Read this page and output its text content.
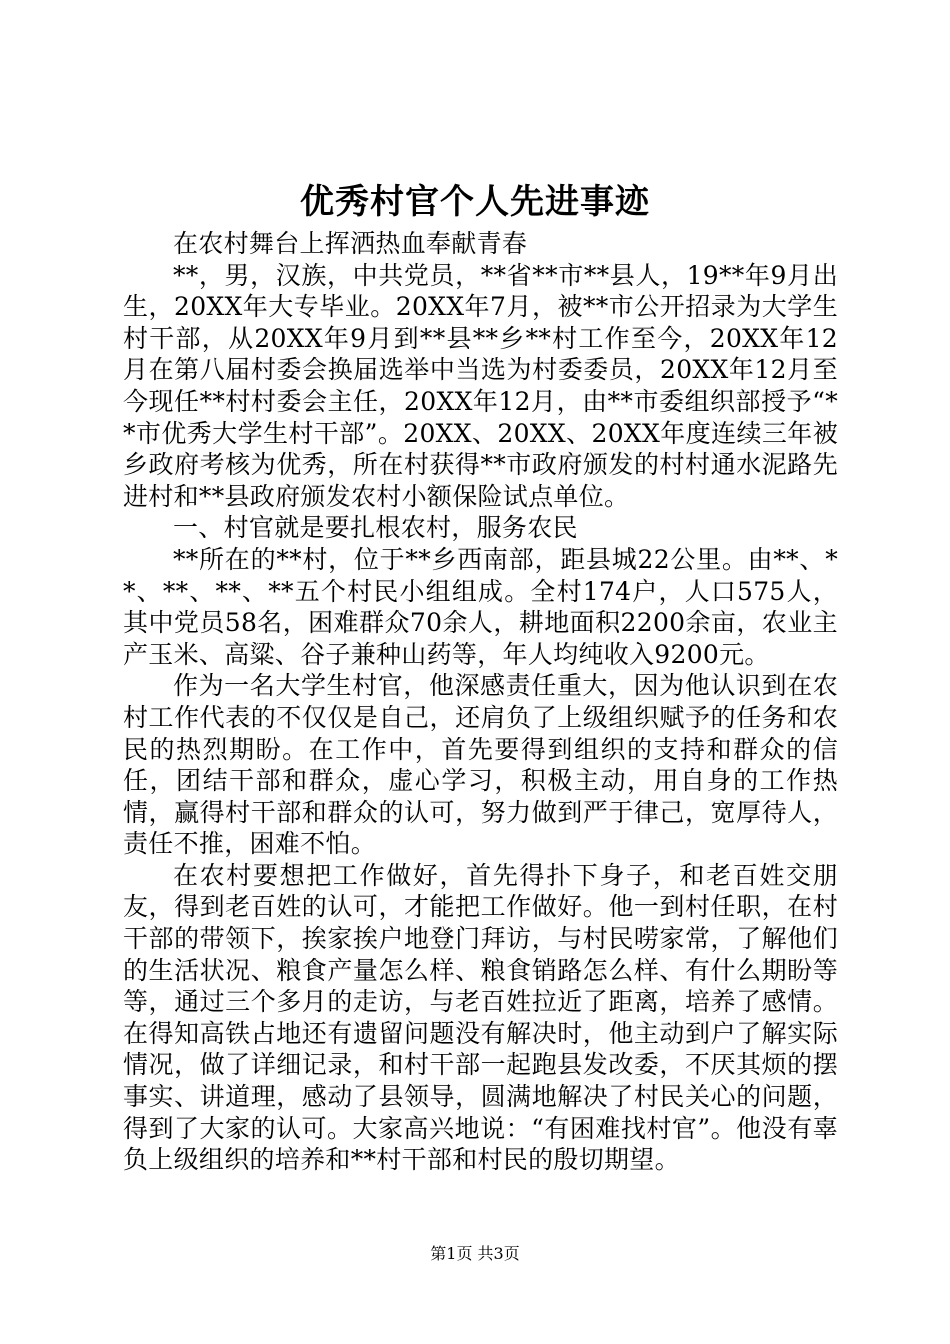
优秀村官个人先进事迹

在农村舞台上挥洒热血奉献青春

**，男，汉族，中共党员，**省**市**县人，19**年9月出生，20XX年大专毕业。20XX年7月，被**市公开招录为大学生村干部，从20XX年9月到**县**乡**村工作至今，20XX年12月在第八届村委会换届选举中当选为村委委员，20XX年12月至今现任**村村委会主任，20XX年12月，由**市委组织部授予“**市优秀大学生村干部”。20XX、20XX、20XX年度连续三年被乡政府考核为优秀，所在村获得**市政府颁发的村村通水泥路先进村和**县政府颁发农村小额保险试点单位。

一、村官就是要扎根农村，服务农民

**所在的**村，位于**乡西南部，距县城22公里。由**、**、**、**、**五个村民小组组成。全村174户，人口575人，其中党员58名，困难群众70余人，耕地面积2200余亩，农业主产玉米、高粱、谷子兼种山药等，年人均纯收入9200元。

作为一名大学生村官，他深感责任重大，因为他认识到在农村工作代表的不仅仅是自己，还肩负了上级组织赋予的任务和农民的热烈期盼。在工作中，首先要得到组织的支持和群众的信任，团结干部和群众，虚心学习，积极主动，用自身的工作热情，赢得村干部和群众的认可，努力做到严于律己，宽厚待人，责任不推，困难不怕。

在农村要想把工作做好，首先得扑下身子，和老百姓交朋友，得到老百姓的认可，才能把工作做好。他一到村任职，在村干部的带领下，挨家挨户地登门拜访，与村民唠家常，了解他们的生活状况、粮食产量怎么样、粮食销路怎么样、有什么期盼等等，通过三个多月的走访，与老百姓拉近了距离，培养了感情。在得知高铁占地还有遗留问题没有解决时，他主动到户了解实际情况，做了详细记录，和村干部一起跑县发改委，不厌其烦的摆事实、讲道理，感动了县领导，圆满地解决了村民关心的问题，得到了大家的认可。大家高兴地说：“有困难找村官”。他没有辜负上级组织的培养和**村干部和村民的殷切期望。

第1页 共3页
